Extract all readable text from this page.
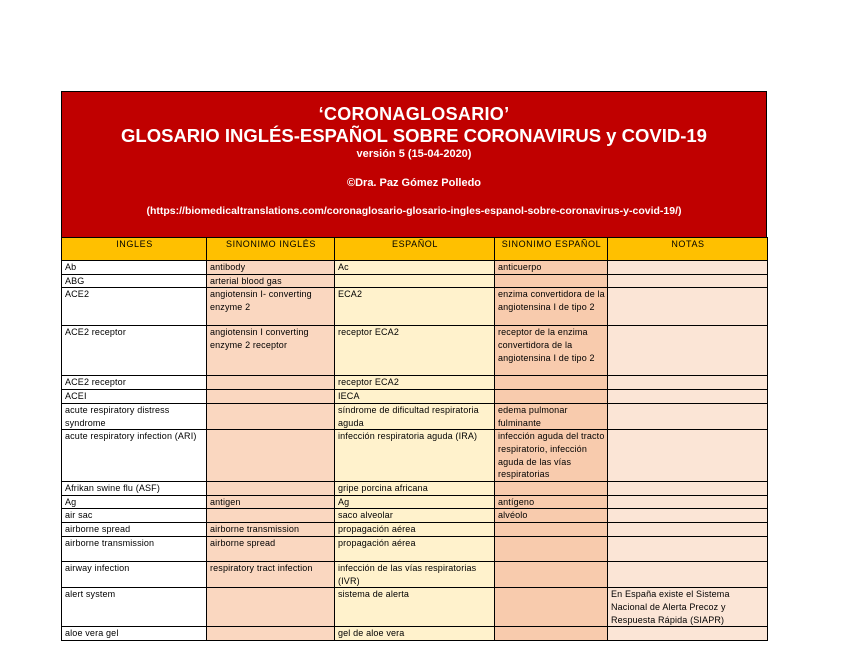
‘CORONAGLOSARIO’
GLOSARIO INGLÉS-ESPAÑOL SOBRE CORONAVIRUS y COVID-19
versión 5 (15-04-2020)
©Dra. Paz Gómez Polledo
(https://biomedicaltranslations.com/coronaglosario-glosario-ingles-espanol-sobre-coronavirus-y-covid-19/)
INGLES	SINONIMO INGLÉS	ESPAÑOL	SINONIMO ESPAÑOL	NOTAS
Ab	antibody	Ac	anticuerpo	
ABG	arterial blood gas			
ACE2	angiotensin I- converting enzyme 2	ECA2	enzima convertidora de la angiotensina I de tipo 2	
ACE2 receptor	angiotensin I converting enzyme 2 receptor	receptor ECA2	receptor de la enzima convertidora de la angiotensina I de tipo 2	
ACE2 receptor		receptor ECA2		
ACEI		IECA		
acute respiratory distress syndrome		síndrome de dificultad respiratoria aguda	edema pulmonar fulminante	
acute respiratory infection (ARI)		infección respiratoria aguda (IRA)	infección aguda del tracto respiratorio, infección aguda de las vías respiratorias	
Afrikan swine flu (ASF)		gripe porcina africana		
Ag	antigen	Ag	antígeno	
air sac		saco alveolar	alvéolo	
airborne spread	airborne transmission	propagación aérea		
airborne transmission	airborne spread	propagación aérea		
airway infection	respiratory tract infection	infección de las vías respiratorias (IVR)		
alert system		sistema de alerta		En España existe el Sistema Nacional de Alerta Precoz y Respuesta Rápida (SIAPR)
aloe vera gel		gel de aloe vera		
